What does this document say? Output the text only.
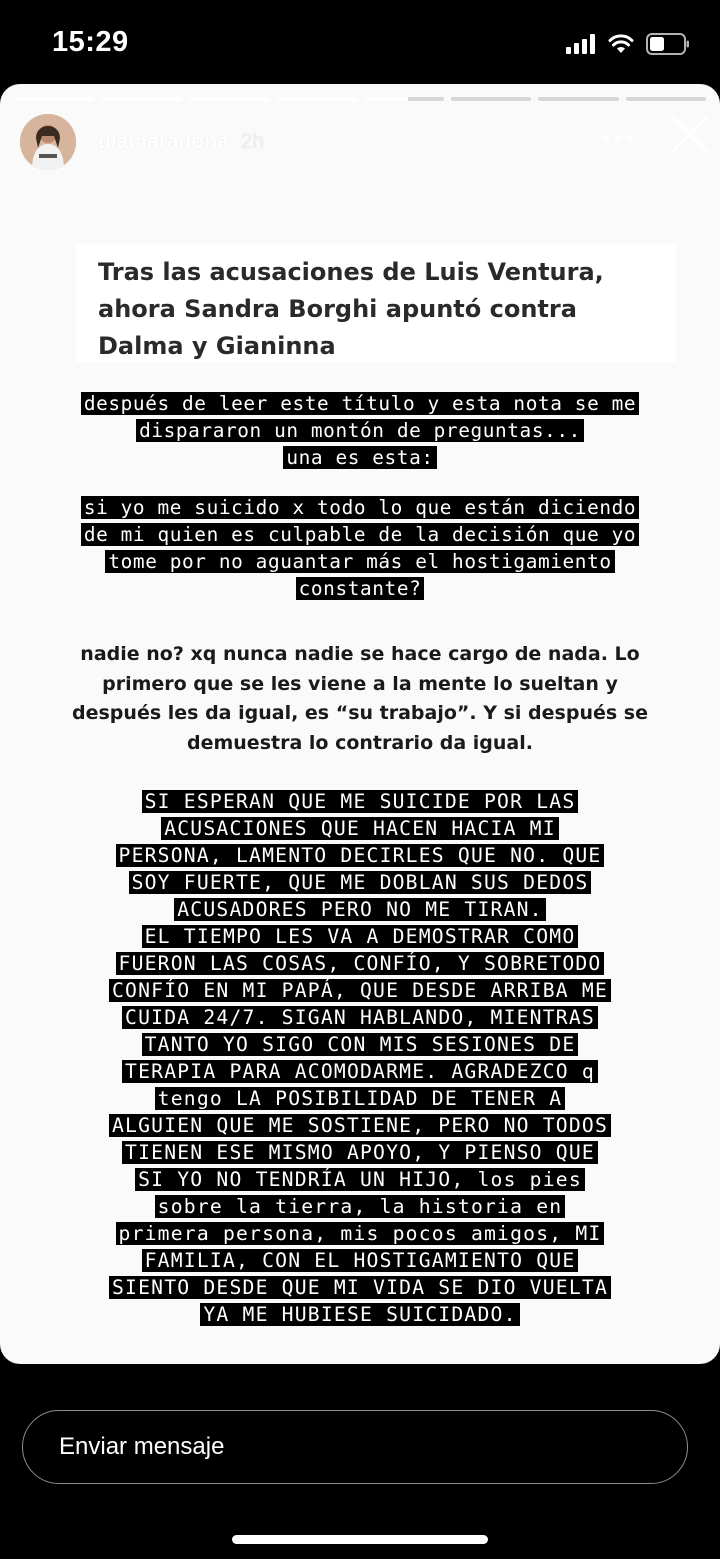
15:29
giamaradona 2h
Tras las acusaciones de Luis Ventura,
ahora Sandra Borghi apuntó contra
Dalma y Gianinna
después de leer este título y esta nota se me
dispararon un montón de preguntas...
una es esta:
si yo me suicido x todo lo que están diciendo
de mi quien es culpable de la decisión que yo
tome por no aguantar más el hostigamiento
constante?
nadie no? xq nunca nadie se hace cargo de nada. Lo
primero que se les viene a la mente lo sueltan y
después les da igual, es “su trabajo”. Y si después se
demuestra lo contrario da igual.
SI ESPERAN QUE ME SUICIDE POR LAS
ACUSACIONES QUE HACEN HACIA MI
PERSONA, LAMENTO DECIRLES QUE NO. QUE
SOY FUERTE, QUE ME DOBLAN SUS DEDOS
ACUSADORES PERO NO ME TIRAN.
EL TIEMPO LES VA A DEMOSTRAR COMO
FUERON LAS COSAS, CONFÍO, Y SOBRETODO
CONFÍO EN MI PAPÁ, QUE DESDE ARRIBA ME
CUIDA 24/7. SIGAN HABLANDO, MIENTRAS
TANTO YO SIGO CON MIS SESIONES DE
TERAPIA PARA ACOMODARME. AGRADEZCO q
tengo LA POSIBILIDAD DE TENER A
ALGUIEN QUE ME SOSTIENE, PERO NO TODOS
TIENEN ESE MISMO APOYO, Y PIENSO QUE
SI YO NO TENDRÍA UN HIJO, los pies
sobre la tierra, la historia en
primera persona, mis pocos amigos, MI
FAMILIA, CON EL HOSTIGAMIENTO QUE
SIENTO DESDE QUE MI VIDA SE DIO VUELTA
YA ME HUBIESE SUICIDADO.
Enviar mensaje
